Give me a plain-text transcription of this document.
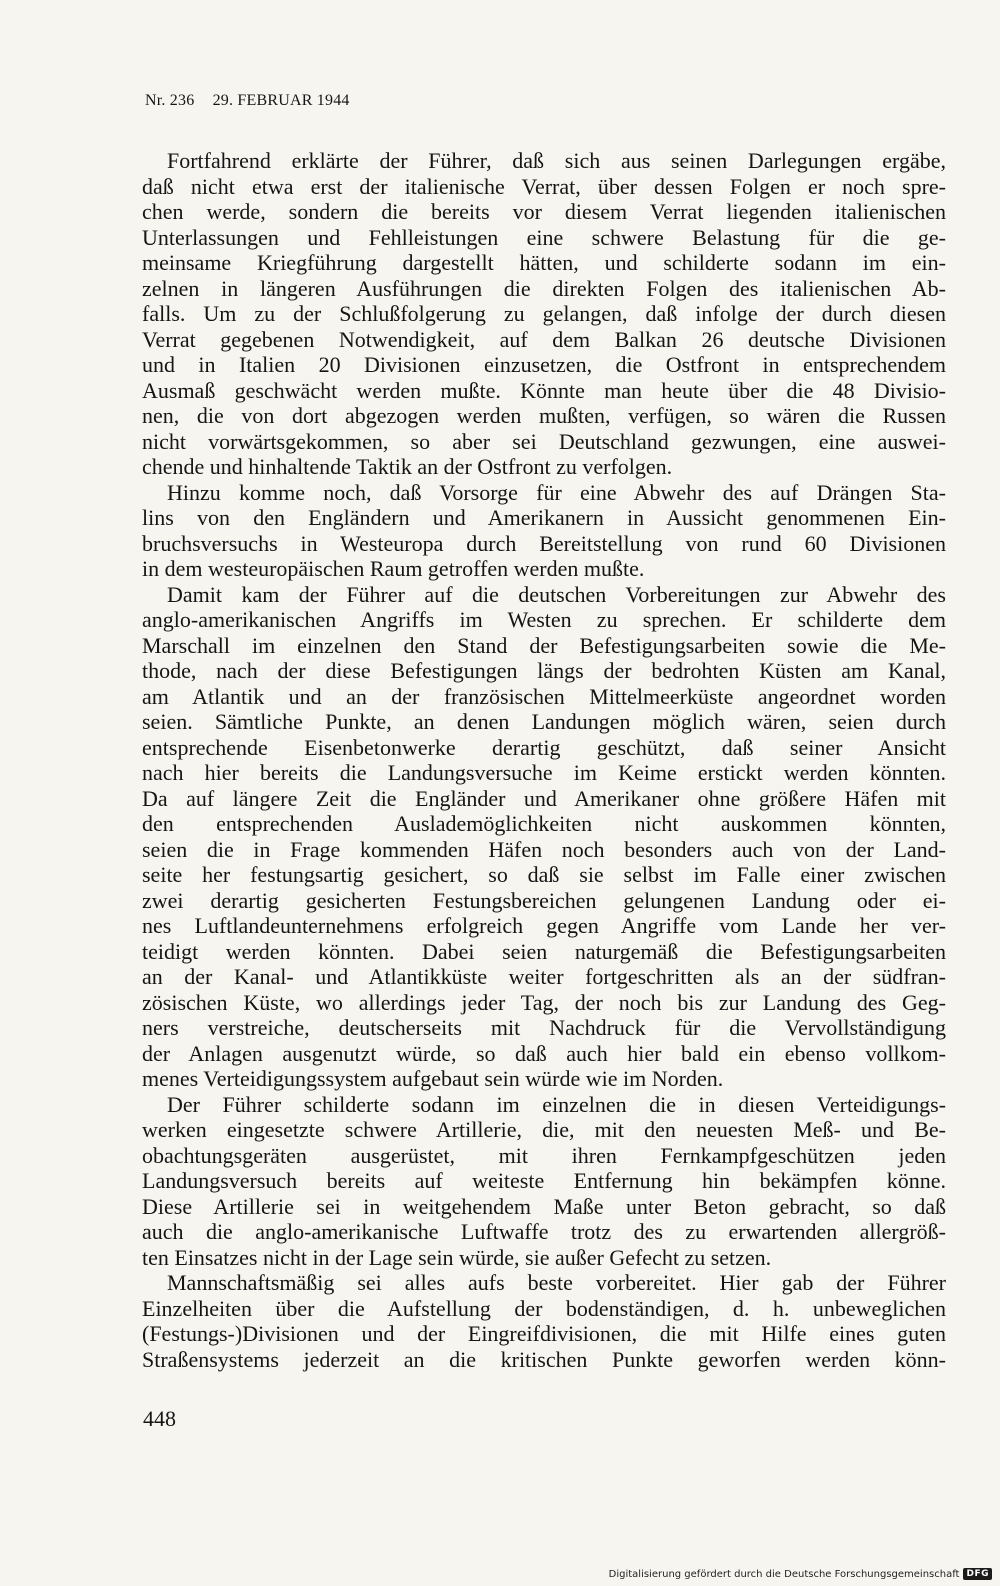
Nr. 236 29. FEBRUAR 1944
Fortfahrend erklärte der Führer, daß sich aus seinen Darlegungen ergäbe,
daß nicht etwa erst der italienische Verrat, über dessen Folgen er noch spre-
chen werde, sondern die bereits vor diesem Verrat liegenden italienischen
Unterlassungen und Fehlleistungen eine schwere Belastung für die ge-
meinsame Kriegführung dargestellt hätten, und schilderte sodann im ein-
zelnen in längeren Ausführungen die direkten Folgen des italienischen Ab-
falls. Um zu der Schlußfolgerung zu gelangen, daß infolge der durch diesen
Verrat gegebenen Notwendigkeit, auf dem Balkan 26 deutsche Divisionen
und in Italien 20 Divisionen einzusetzen, die Ostfront in entsprechendem
Ausmaß geschwächt werden mußte. Könnte man heute über die 48 Divisio-
nen, die von dort abgezogen werden mußten, verfügen, so wären die Russen
nicht vorwärtsgekommen, so aber sei Deutschland gezwungen, eine auswei-
chende und hinhaltende Taktik an der Ostfront zu verfolgen.
Hinzu komme noch, daß Vorsorge für eine Abwehr des auf Drängen Sta-
lins von den Engländern und Amerikanern in Aussicht genommenen Ein-
bruchsversuchs in Westeuropa durch Bereitstellung von rund 60 Divisionen
in dem westeuropäischen Raum getroffen werden mußte.
Damit kam der Führer auf die deutschen Vorbereitungen zur Abwehr des
anglo-amerikanischen Angriffs im Westen zu sprechen. Er schilderte dem
Marschall im einzelnen den Stand der Befestigungsarbeiten sowie die Me-
thode, nach der diese Befestigungen längs der bedrohten Küsten am Kanal,
am Atlantik und an der französischen Mittelmeerküste angeordnet worden
seien. Sämtliche Punkte, an denen Landungen möglich wären, seien durch
entsprechende Eisenbetonwerke derartig geschützt, daß seiner Ansicht
nach hier bereits die Landungsversuche im Keime erstickt werden könnten.
Da auf längere Zeit die Engländer und Amerikaner ohne größere Häfen mit
den entsprechenden Auslademöglichkeiten nicht auskommen könnten,
seien die in Frage kommenden Häfen noch besonders auch von der Land-
seite her festungsartig gesichert, so daß sie selbst im Falle einer zwischen
zwei derartig gesicherten Festungsbereichen gelungenen Landung oder ei-
nes Luftlandeunternehmens erfolgreich gegen Angriffe vom Lande her ver-
teidigt werden könnten. Dabei seien naturgemäß die Befestigungsarbeiten
an der Kanal- und Atlantikküste weiter fortgeschritten als an der südfran-
zösischen Küste, wo allerdings jeder Tag, der noch bis zur Landung des Geg-
ners verstreiche, deutscherseits mit Nachdruck für die Vervollständigung
der Anlagen ausgenutzt würde, so daß auch hier bald ein ebenso vollkom-
menes Verteidigungssystem aufgebaut sein würde wie im Norden.
Der Führer schilderte sodann im einzelnen die in diesen Verteidigungs-
werken eingesetzte schwere Artillerie, die, mit den neuesten Meß- und Be-
obachtungsgeräten ausgerüstet, mit ihren Fernkampfgeschützen jeden
Landungsversuch bereits auf weiteste Entfernung hin bekämpfen könne.
Diese Artillerie sei in weitgehendem Maße unter Beton gebracht, so daß
auch die anglo-amerikanische Luftwaffe trotz des zu erwartenden allergröß-
ten Einsatzes nicht in der Lage sein würde, sie außer Gefecht zu setzen.
Mannschaftsmäßig sei alles aufs beste vorbereitet. Hier gab der Führer
Einzelheiten über die Aufstellung der bodenständigen, d. h. unbeweglichen
(Festungs-)Divisionen und der Eingreifdivisionen, die mit Hilfe eines guten
Straßensystems jederzeit an die kritischen Punkte geworfen werden könn-
448
Digitalisierung gefördert durch die Deutsche Forschungsgemeinschaft DFG
